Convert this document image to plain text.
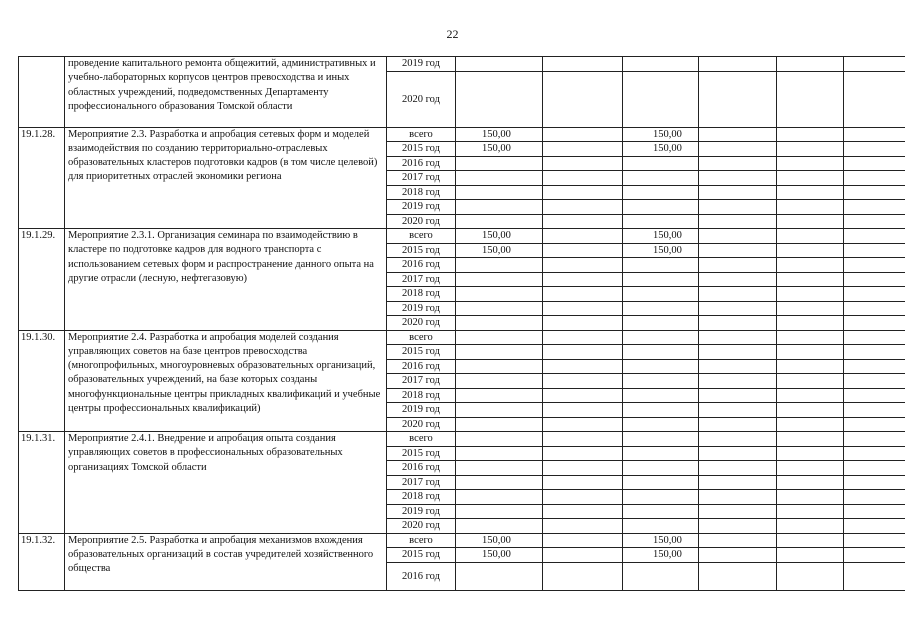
22
	проведение капитального ремонта общежитий, административных и учебно-лабораторных корпусов центров превосходства и иных областных учреждений, подведомственных Департаменту профессионального образования Томской области	2019 год							
		2020 год							
19.1.28.	Мероприятие 2.3. Разработка и апробация сетевых форм и моделей взаимодействия по созданию территориально-отраслевых образовательных кластеров подготовки кадров (в том числе целевой) для приоритетных отраслей экономики региона	всего	150,00		150,00				
		2015 год	150,00		150,00				
		2016 год							
		2017 год							
		2018 год							
		2019 год							
		2020 год							
19.1.29.	Мероприятие 2.3.1. Организация семинара по взаимодействию в кластере по подготовке кадров для водного транспорта с использованием сетевых форм и распространение данного опыта на другие отрасли (лесную, нефтегазовую)	всего	150,00		150,00				
		2015 год	150,00		150,00				
		2016 год							
		2017 год							
		2018 год							
		2019 год							
		2020 год							
19.1.30.	Мероприятие 2.4. Разработка и апробация моделей создания управляющих советов на базе центров превосходства (многопрофильных, многоуровневых образовательных организаций, образовательных учреждений, на базе которых созданы многофункциональные центры прикладных квалификаций и учебные центры профессиональных квалификаций)	всего							
		2015 год							
		2016 год							
		2017 год							
		2018 год							
		2019 год							
		2020 год							
19.1.31.	Мероприятие 2.4.1. Внедрение и апробация опыта создания управляющих советов в профессиональных образовательных организациях Томской области	всего							
		2015 год							
		2016 год							
		2017 год							
		2018 год							
		2019 год							
		2020 год							
19.1.32.	Мероприятие 2.5. Разработка и апробация механизмов вхождения образовательных организаций в состав учредителей хозяйственного общества	всего	150,00		150,00				
		2015 год	150,00		150,00				
		2016 год							
